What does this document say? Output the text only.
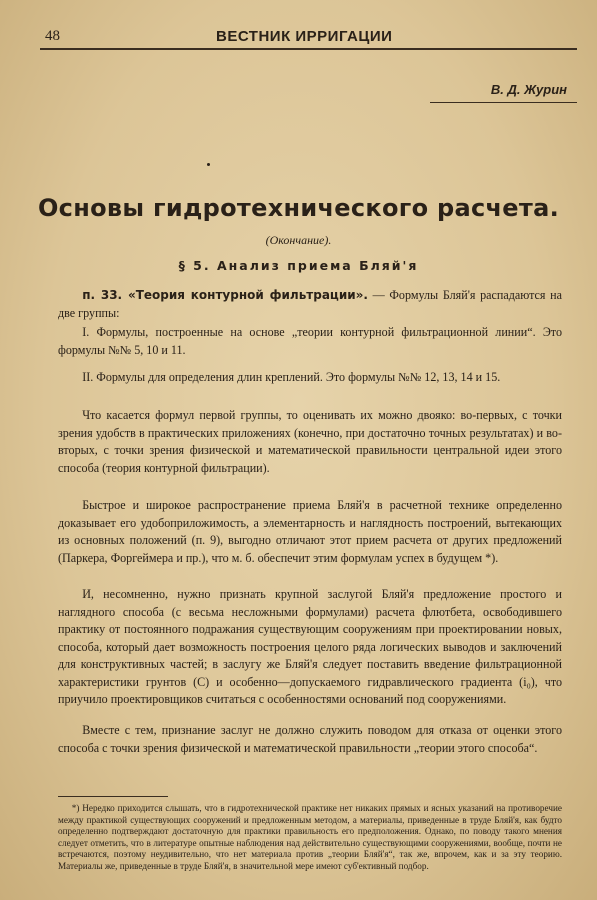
48	ВЕСТНИК ИРРИГАЦИИ
В. Д. Журин
Основы гидротехнического расчета.
(Окончание).
§ 5. Анализ приема Бляй'я

п. 33. «Теория контурной фильтрации». — Формулы Бляй'я распадаются на две группы:

I. Формулы, построенные на основе „теории контурной фильтрационной линии“. Это формулы №№ 5, 10 и 11.

II. Формулы для определения длин креплений. Это формулы №№ 12, 13, 14 и 15.

Что касается формул первой группы, то оценивать их можно двояко: во-первых, с точки зрения удобств в практических приложениях (конечно, при достаточно точных результатах) и во-вторых, с точки зрения физической и математической правильности центральной идеи этого способа (теория контурной фильтрации).

Быстрое и широкое распространение приема Бляй'я в расчетной технике определенно доказывает его удобоприложимость, а элементарность и наглядность построений, вытекающих из основных положений (п. 9), выгодно отличают этот прием расчета от других предложений (Паркера, Форгеймера и пр.), что м. б. обеспечит этим формулам успех в будущем *).

И, несомненно, нужно признать крупной заслугой Бляй'я предложение простого и наглядного способа (с весьма несложными формулами) расчета флютбета, освободившего практику от постоянного подражания существующим сооружениям при проектировании новых, способа, который дает возможность построения целого ряда логических выводов и заключений для конструктивных частей; в заслугу же Бляй'я следует поставить введение фильтрационной характеристики грунтов (C) и особенно—допускаемого гидравлического градиента (i₀), что приучило проектировщиков считаться с особенностями оснований под сооружениями.

Вместе с тем, признание заслуг не должно служить поводом для отказа от оценки этого способа с точки зрения физической и математической правильности „теории этого способа“.

*) Нередко приходится слышать, что в гидротехнической практике нет никаких прямых и ясных указаний на противоречие между практикой существующих сооружений и предложенным методом, а материалы, приведенные в труде Бляй'я, как будто определенно подтверждают достаточную для практики правильность его предположения. Однако, по поводу такого мнения следует отметить, что в литературе опытные наблюдения над действительно существующими сооружениями, вообще, почти не встречаются, поэтому неудивительно, что нет материала против „теории Бляй'я“, так же, впрочем, как и за эту теорию. Материалы же, приведенные в труде Бляй'я, в значительной мере имеют суб'ективный подбор.
